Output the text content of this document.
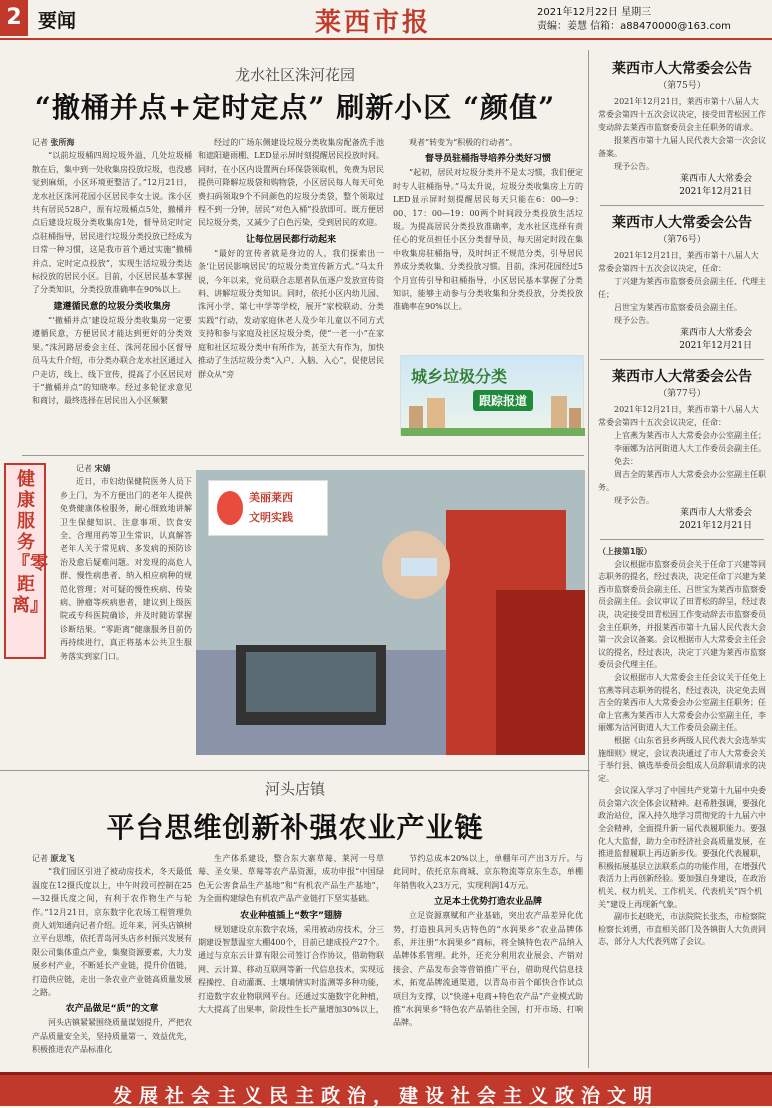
2 要闻	莱西市报	2021年12月22日 星期三
责编：姜慧 信箱：a88470000@163.com
龙水社区洙河花园
“撤桶并点+定时定点” 刷新小区 “颜值”
记者 张所海

“以前垃圾桶四周垃圾外溢、几处垃圾桶散在后，集中到一处收集房投放垃圾，也没感觉到麻烦，小区环境更整洁了。”12月21日，龙水社区洙河花园小区居民李女士说。洙小区共有居民528户，原有垃圾桶点5处，撤桶并点后建设垃圾分类收集房1处，督导员定时定点驻桶指导，居民进行垃圾分类投放已经成为日常一种习惯，这是我市首个通过实施“撤桶并点、定时定点投放”，实现生活垃圾分类达标投放的居民小区。目前，小区居民基本掌握了分类知识，分类投放准确率在90%以上。

建遵循民意的垃圾分类收集房

“‘撤桶并点’建设垃圾分类收集房一定要遵循民意，方便居民才能达到更好的分类效果。”洙河路居委会主任、洙河花园小区督导员马太升介绍，市分类办联合龙水社区通过入户走访，线上、线下宣传，提高了小区居民对于“撤桶并点”的知晓率。经过多轮征求意见和商讨，最终选择在居民出入小区频繁

经过的广场东侧建设垃圾分类收集房配备洗手池和遮阳避雨棚、LED显示屏时刻提醒居民投放时间。同时，在小区内设置两台环保袋领取机，免费为居民提供可降解垃圾袋和购物袋，小区居民每人每天可免费扫码领取9个不同颜色的垃圾分类袋，整个领取过程不到一分钟，居民“对色入桶”投放即可。既方便居民垃圾分类，又减少了白色污染，受到居民的欢迎。

让每位居民都行动起来

“最好的宣传者就是身边的人，我们探索出一条‘让居民影响居民’的垃圾分类宣传新方式。”马太升说，今年以来，党员联合志愿者队伍逐户发放宣传资料、讲解垃圾分类知识。同时，依托小区内幼儿园、洙河小学、第七中学等学校，展开“家校联动、分类实践”行动，发动家庭休老人及少年儿童以不同方式支持和参与家庭及社区垃圾分类，使“一老一小”在家庭和社区垃圾分类中有所作为，甚至大有作为，加快推动了生活垃圾分类“入户、入脑、入心”，促使居民群众从“旁

观者”转变为“积极的行动者”。

督导员驻桶指导培养分类好习惯

“起初，居民对垃圾分类并不是太习惯，我们便定时专人驻桶指导。”马太升说，垃圾分类收集房上方的LED显示屏时刻提醒居民每天只能在6：00—9：00、17：00—19：00两个时间段分类投放生活垃圾。为提高居民分类投放准确率，龙水社区选择有责任心的党员担任小区分类督导员，每天固定时段在集中收集房驻桶指导，及时纠正不规范分类，引导居民养成分类收集、分类投放习惯。目前，洙河花园经过5个月宣传引导和驻桶指导，小区居民基本掌握了分类知识，能够主动参与分类收集和分类投放，分类投放准确率在90%以上。

城乡垃圾分类
跟踪报道
健康服务『零距离』
记者 宋婧

近日，市妇幼保健院医务人员下乡上门，为不方便出门的老年人提供免费健康体检服务，耐心细致地讲解卫生保健知识、注意事项、饮食安全、合理用药等卫生常识，认真解答老年人关于常见病、多发病的预防诊治及愈后疑难问题。对发现的高危人群、慢性病患者、纳入相应病种的规范化管理；对可疑的慢性疾病、传染病、肿瘤等疾病患者，建议到上级医院或专科医院确诊，并及时随访掌握诊断结果。“零距离”健康服务目前仍再持续进行，真正将基本公共卫生服务落实到家门口。

美丽莱西
文明实践
河头店镇
平台思维创新补强农业产业链
记者 原龙飞

“我们园区引进了被动房技术，冬天最低温度在12摄氏度以上，中午时段可控制在25—32摄氏度之间，有利于农作物生产与轮作。”12月21日，京东数字化农场工程管理负责人刘知通向记者介绍。近年来，河头店镇树立平台思维，依托青岛河头店乡村振兴发展有限公司集体重点产业，集聚资源要素，大力发展乡村产业，不断延长产业链，提升价值链，打造供应链，走出一条农业产业链高质量发展之路。

农产品做足“质”的文章

河头店镇紧紧围绕质量谋划提升，严把农产品质量安全关，坚持质量第一、效益优先，积极推进农产品标准化

生产体系建设，整合东大寨草莓、莱河一号草莓、圣女果、草莓等农产品资源，成功申报“中国绿色无公害食品生产基地”和“有机农产品生产基地”，为全面构建绿色有机农产品产业链打下坚实基础。

农业种植插上“数字”翅膀

规划建设京东数字农场，采用被动房技术，分三期建设智慧温室大棚400个，目前已建成投产27个。通过与京东云计算有限公司签订合作协议，借助物联网、云计算、移动互联网等新一代信息技术，实现远程操控、自动灌溉、土壤墒情实时监测等多种功能，打造数字农业物联网平台。还通过实施数字化种植，大大提高了出果率，阶段性生长产量增加30%以上，

节约总成本20%以上，单棚年可产出3万斤。与此同时，依托京东商城、京东物流等京东生态，单棚年销售收入23万元，实现利润14万元。

立足本土优势打造农业品牌

立足资源禀赋和产业基础，突出农产品差异化优势，打造独具河头店特色的“水润果乡”农业品牌体系，并注册“水润果乡”商标，将全镇特色农产品纳入品牌体系管理。此外，还充分利用农业展会、产销对接会、产品发布会等营销推广平台，借助现代信息技术，拓宽品牌流通渠道，以青岛市首个邮快合作试点项目为支撑，以“快递+电商+特色农产品”产业模式助推“水润果乡”特色农产品销往全国，打开市场、打响品牌。

莱西市人大常委会公告
（第75号）

2021年12月21日，莱西市第十八届人大常委会第四十五次会议决定，接受田青松因工作变动辞去莱西市监察委员会主任职务的请求。

报莱西市第十九届人民代表大会第一次会议备案。

现予公告。

莱西市人大常委会
2021年12月21日
莱西市人大常委会公告
（第76号）

2021年12月21日，莱西市第十八届人大常委会第四十五次会议决定，任命：

丁兴建为莱西市监察委员会副主任、代理主任；

吕世宝为莱西市监察委员会副主任。

现予公告。

莱西市人大常委会
2021年12月21日
莱西市人大常委会公告
（第77号）

2021年12月21日，莱西市第十八届人大常委会第四十五次会议决定，任命：

上官燕为莱西市人大常委会办公室副主任；

李丽娜为沽河街道人大工作委员会副主任。

免去：

周吉全的莱西市人大常委会办公室副主任职务。

现予公告。

莱西市人大常委会
2021年12月21日
（上接第1版）

会议根据市监察委员会关于任命丁兴建等同志职务的提名，经过表决，决定任命丁兴建为莱西市监察委员会副主任、吕世宝为莱西市监察委员会副主任。会议审议了田青松的辞呈，经过表决，决定接受田青松因工作变动辞去市监察委员会主任职务，并报莱西市第十九届人民代表大会第一次会议备案。会议根据市人大常委会主任会议的提名，经过表决，决定丁兴建为莱西市监察委员会代理主任。

会议根据市人大常委会主任会议关于任免上官燕等同志职务的提名，经过表决，决定免去周吉全的莱西市人大常委会办公室副主任职务；任命上官燕为莱西市人大常委会办公室副主任，李丽娜为沽河街道人大工作委员会副主任。

根据《山东省县乡两级人民代表大会选举实施细则》规定，会议表决通过了市人大常委会关于举行县、镇选举委员会组成人员辞职请求的决定。

会议深入学习了中国共产党第十九届中央委员会第六次全体会议精神。赵希胜强调，要强化政治站位，深入持久地学习贯彻党的十九届六中全会精神，全面提升新一届代表履职能力。要强化人大监督，助力全市经济社会高质量发展，在推进监督履职上再迈新步伐。要强化代表履职，积极拓展基层立法联系点的功能作用，在增强代表活力上再创新经验。要加强自身建设，在政治机关、权力机关、工作机关、代表机关“四个机关”建设上再现新气象。

副市长赵晓光，市法院院长张杰，市检察院检察长刘勇，市直相关部门及各镇街人大负责同志，部分人大代表列席了会议。

发展社会主义民主政治，建设社会主义政治文明
